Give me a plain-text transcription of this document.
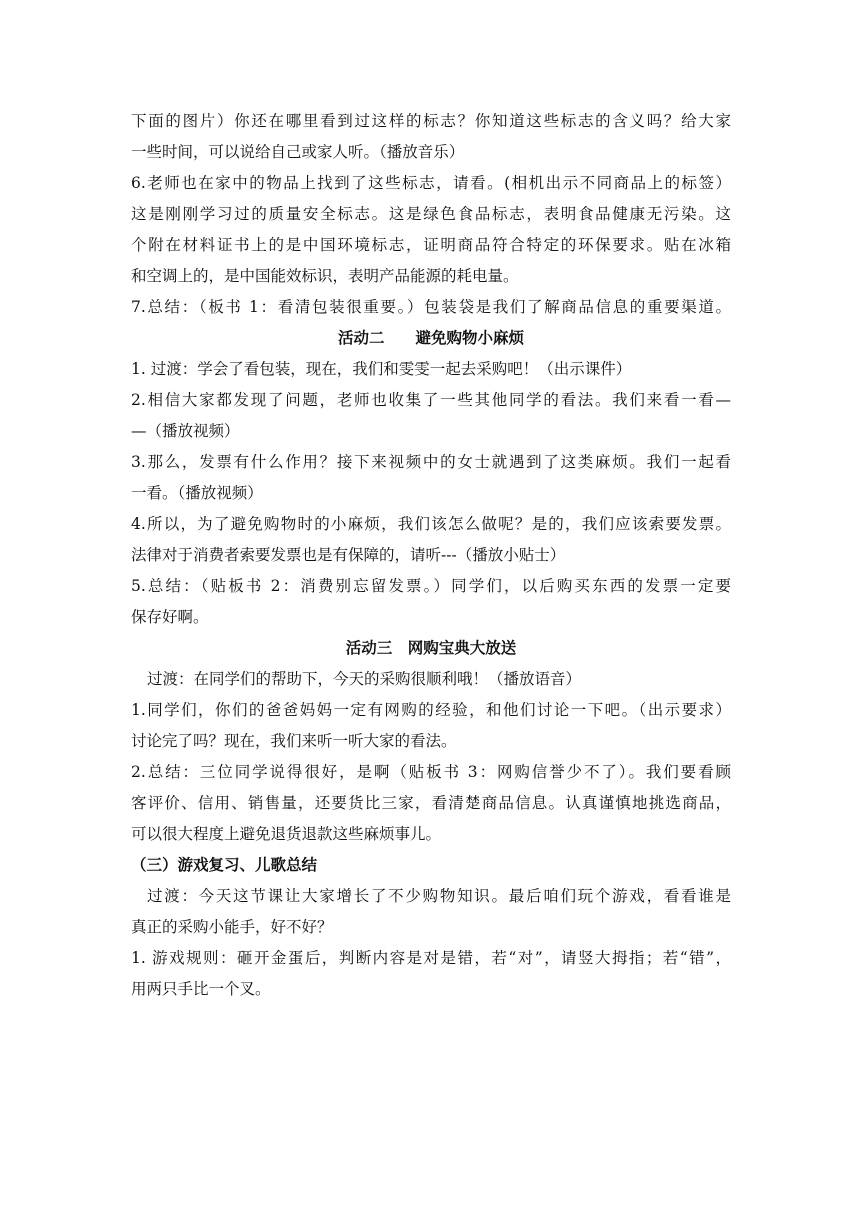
下面的图片）你还在哪里看到过这样的标志？你知道这些标志的含义吗？给大家
一些时间，可以说给自己或家人听。（播放音乐）
6.老师也在家中的物品上找到了这些标志，请看。(相机出示不同商品上的标签）
这是刚刚学习过的质量安全标志。这是绿色食品标志，表明食品健康无污染。这
个附在材料证书上的是中国环境标志，证明商品符合特定的环保要求。贴在冰箱
和空调上的，是中国能效标识，表明产品能源的耗电量。
7.总结：（板书 1：看清包装很重要。）包装袋是我们了解商品信息的重要渠道。
活动二　　避免购物小麻烦
1. 过渡：学会了看包装，现在，我们和雯雯一起去采购吧！（出示课件）
2.相信大家都发现了问题，老师也收集了一些其他同学的看法。我们来看一看—
—（播放视频）
3.那么，发票有什么作用？接下来视频中的女士就遇到了这类麻烦。我们一起看
一看。（播放视频）
4.所以，为了避免购物时的小麻烦，我们该怎么做呢？是的，我们应该索要发票。
法律对于消费者索要发票也是有保障的，请听---（播放小贴士）
5.总结：（贴板书 2：消费别忘留发票。）同学们，以后购买东西的发票一定要
保存好啊。
活动三　网购宝典大放送
过渡：在同学们的帮助下，今天的采购很顺利哦！（播放语音）
1.同学们，你们的爸爸妈妈一定有网购的经验，和他们讨论一下吧。（出示要求）
讨论完了吗？现在，我们来听一听大家的看法。
2.总结：三位同学说得很好，是啊（贴板书 3：网购信誉少不了）。我们要看顾
客评价、信用、销售量，还要货比三家，看清楚商品信息。认真谨慎地挑选商品，
可以很大程度上避免退货退款这些麻烦事儿。
（三）游戏复习、儿歌总结
过渡：今天这节课让大家增长了不少购物知识。最后咱们玩个游戏，看看谁是
真正的采购小能手，好不好？
1. 游戏规则：砸开金蛋后，判断内容是对是错，若“对”，请竖大拇指；若“错”，
用两只手比一个叉。
